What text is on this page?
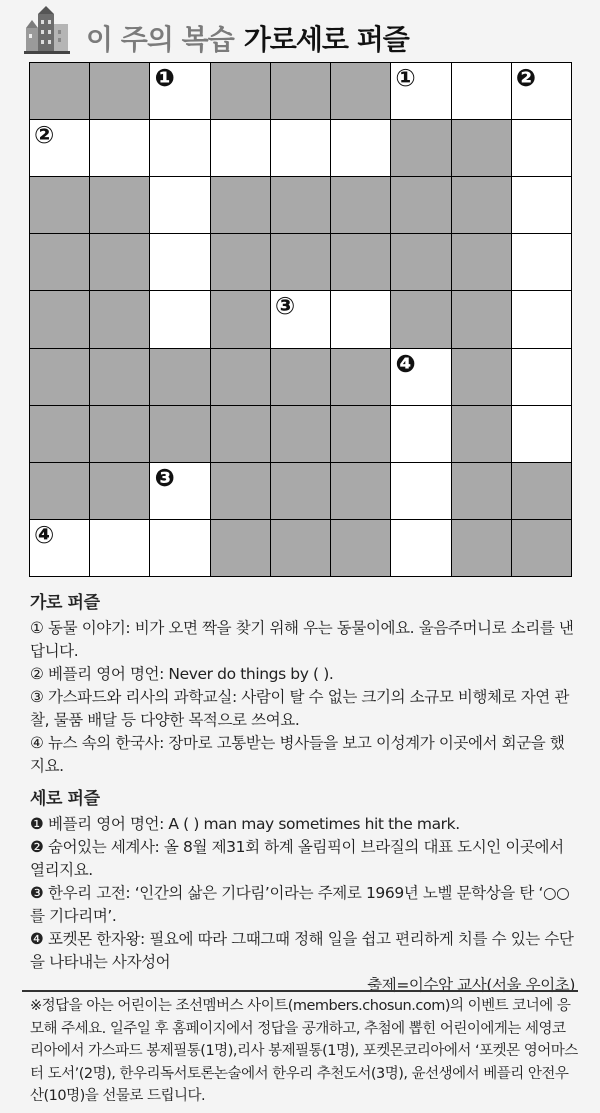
이 주의 복습 가로세로 퍼즐
❶	①	❷
②
③
❹
❸
④
가로 퍼즐

① 동물 이야기: 비가 오면 짝을 찾기 위해 우는 동물이에요. 울음주머니로 소리를 낸답니다.

② 베플리 영어 명언: Never do things by ( ).

③ 가스파드와 리사의 과학교실: 사람이 탈 수 없는 크기의 소규모 비행체로 자연 관찰, 물품 배달 등 다양한 목적으로 쓰여요.

④ 뉴스 속의 한국사: 장마로 고통받는 병사들을 보고 이성계가 이곳에서 회군을 했지요.

세로 퍼즐

❶ 베플리 영어 명언: A ( ) man may sometimes hit the mark.

❷ 숨어있는 세계사: 올 8월 제31회 하계 올림픽이 브라질의 대표 도시인 이곳에서 열리지요.

❸ 한우리 고전: ‘인간의 삶은 기다림’이라는 주제로 1969년 노벨 문학상을 탄 ‘○○를 기다리며’.

❹ 포켓몬 한자왕: 필요에 따라 그때그때 정해 일을 쉽고 편리하게 치를 수 있는 수단을 나타내는 사자성어

출제=이수암 교사(서울 우이초)

※정답을 아는 어린이는 조선멤버스 사이트(members.chosun.com)의 이벤트 코너에 응모해 주세요. 일주일 후 홈페이지에서 정답을 공개하고, 추첨에 뽑힌 어린이에게는 세영코리아에서 가스파드 봉제필통(1명),리사 봉제필통(1명), 포켓몬코리아에서 ‘포켓몬 영어마스터 도서’(2명), 한우리독서토론논술에서 한우리 추천도서(3명), 윤선생에서 베플리 안전우산(10명)을 선물로 드립니다.
